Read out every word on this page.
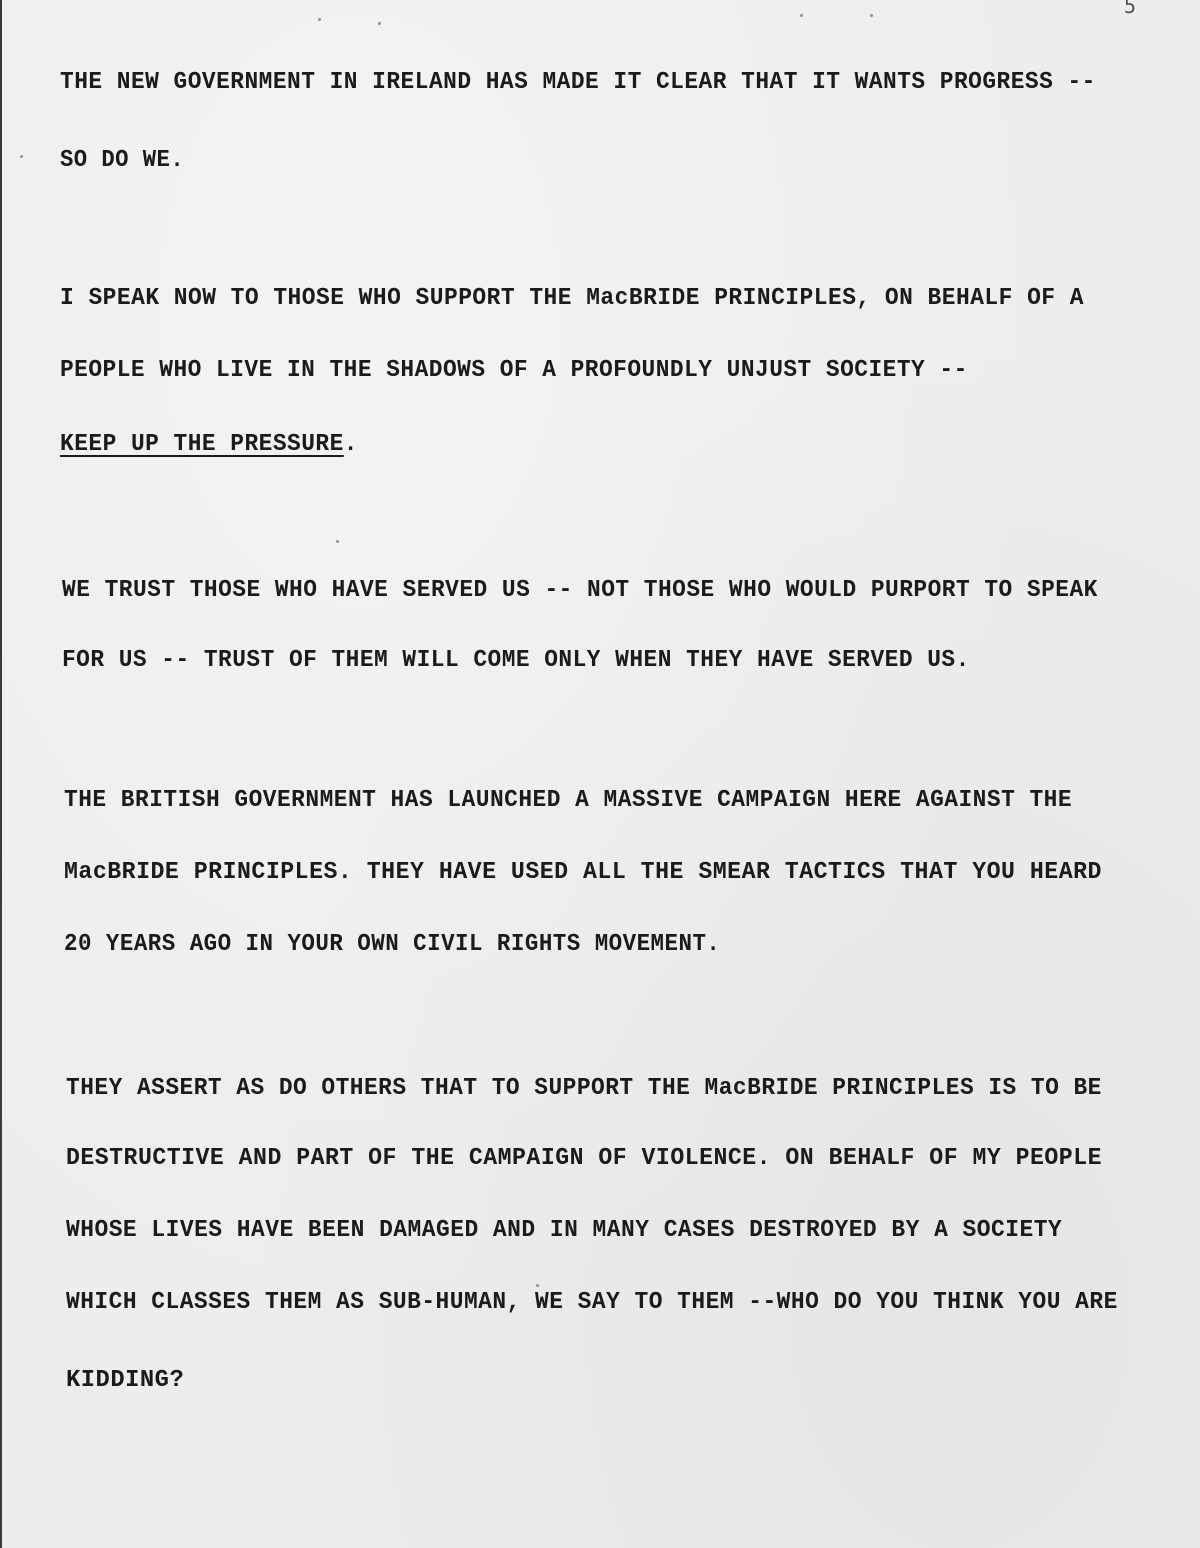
5

THE NEW GOVERNMENT IN IRELAND HAS MADE IT CLEAR THAT IT WANTS PROGRESS --

SO DO WE.

I SPEAK NOW TO THOSE WHO SUPPORT THE MacBRIDE PRINCIPLES, ON BEHALF OF A

PEOPLE WHO LIVE IN THE SHADOWS OF A PROFOUNDLY UNJUST SOCIETY --

KEEP UP THE PRESSURE.

WE TRUST THOSE WHO HAVE SERVED US -- NOT THOSE WHO WOULD PURPORT TO SPEAK

FOR US -- TRUST OF THEM WILL COME ONLY WHEN THEY HAVE SERVED US.

THE BRITISH GOVERNMENT HAS LAUNCHED A MASSIVE CAMPAIGN HERE AGAINST THE

MacBRIDE PRINCIPLES. THEY HAVE USED ALL THE SMEAR TACTICS THAT YOU HEARD

20 YEARS AGO IN YOUR OWN CIVIL RIGHTS MOVEMENT.

THEY ASSERT AS DO OTHERS THAT TO SUPPORT THE MacBRIDE PRINCIPLES IS TO BE

DESTRUCTIVE AND PART OF THE CAMPAIGN OF VIOLENCE. ON BEHALF OF MY PEOPLE

WHOSE LIVES HAVE BEEN DAMAGED AND IN MANY CASES DESTROYED BY A SOCIETY

WHICH CLASSES THEM AS SUB-HUMAN, WE SAY TO THEM --WHO DO YOU THINK YOU ARE

KIDDING?
